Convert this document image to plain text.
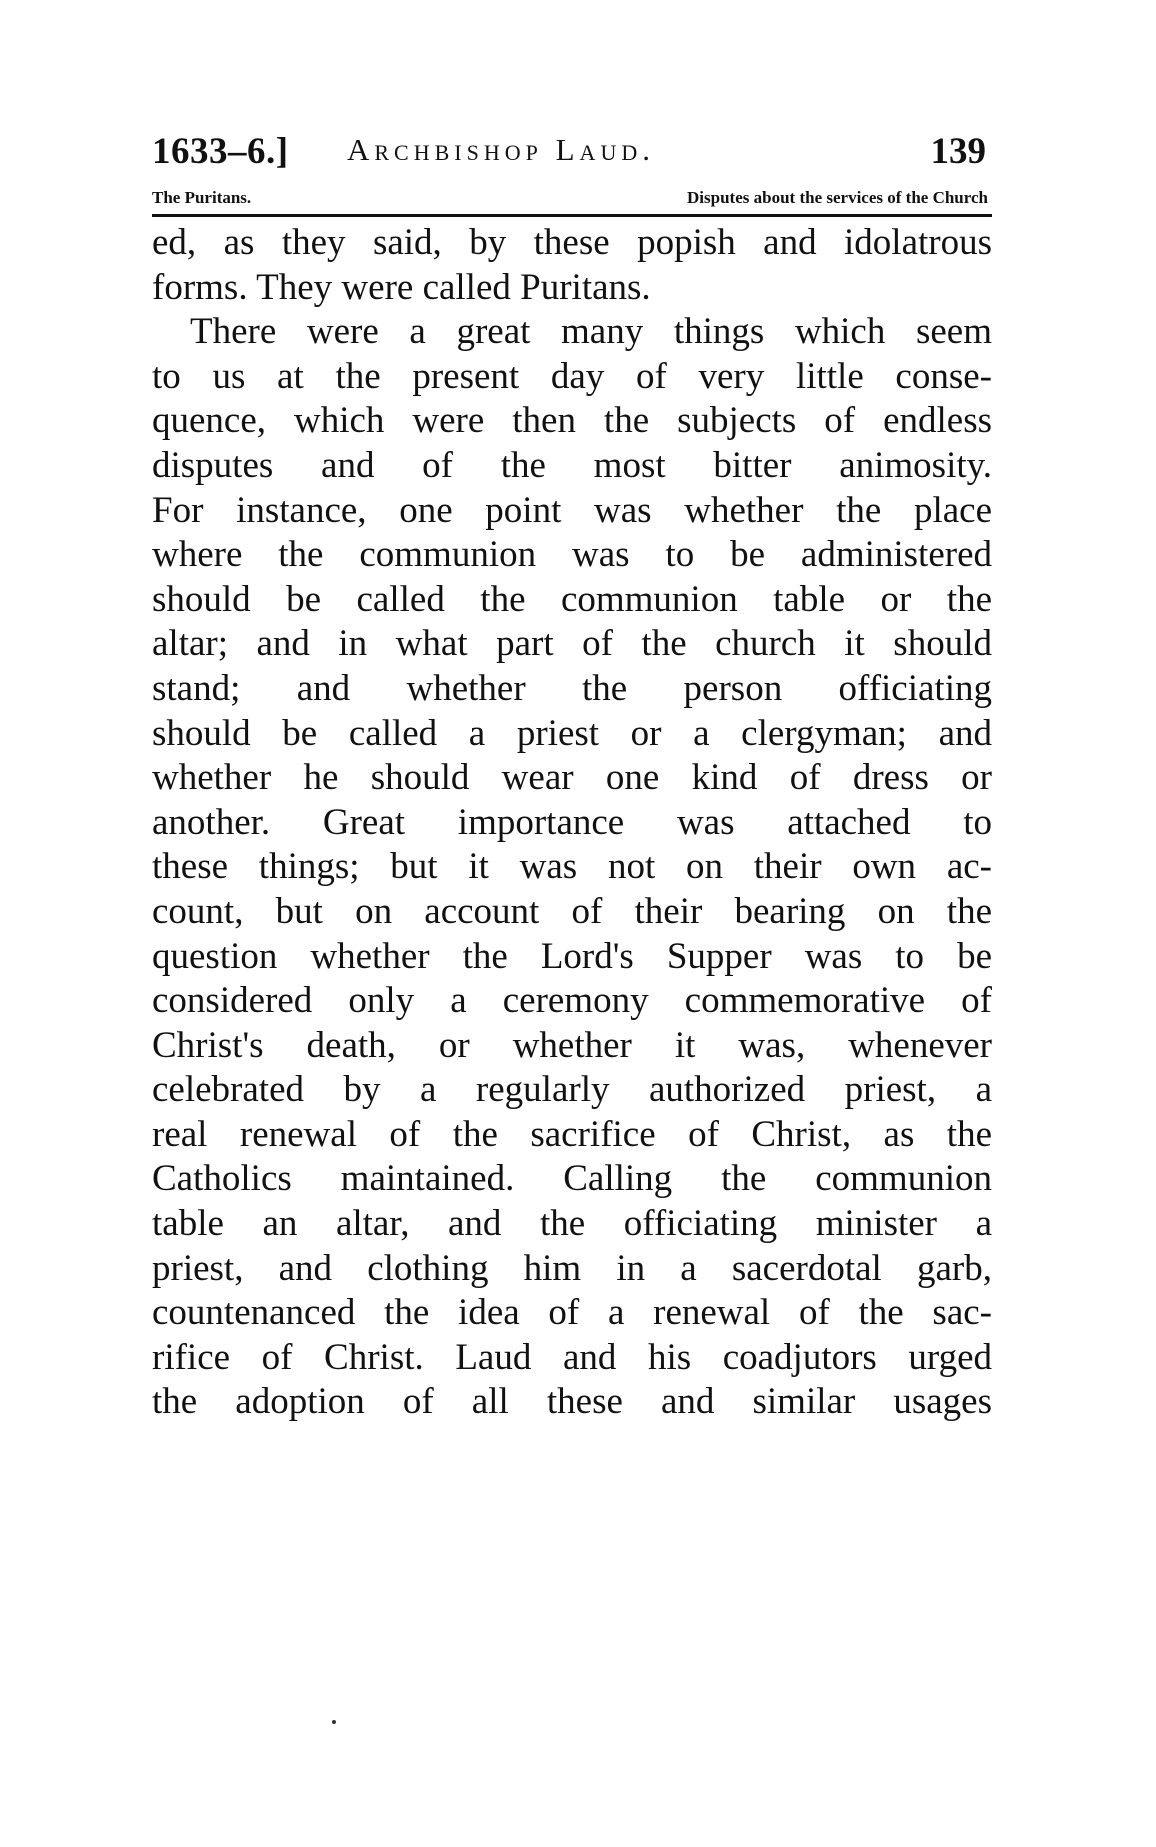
1633–6.] Archbishop Laud.	139
The Puritans.	Disputes about the services of the Church
ed, as they said, by these popish and idolatrous
forms. They were called Puritans.
There were a great many things which seem
to us at the present day of very little conse-
quence, which were then the subjects of endless
disputes and of the most bitter animosity.
For instance, one point was whether the place
where the communion was to be administered
should be called the communion table or the
altar; and in what part of the church it should
stand; and whether the person officiating
should be called a priest or a clergyman; and
whether he should wear one kind of dress or
another. Great importance was attached to
these things; but it was not on their own ac-
count, but on account of their bearing on the
question whether the Lord's Supper was to be
considered only a ceremony commemorative of
Christ's death, or whether it was, whenever
celebrated by a regularly authorized priest, a
real renewal of the sacrifice of Christ, as the
Catholics maintained. Calling the communion
table an altar, and the officiating minister a
priest, and clothing him in a sacerdotal garb,
countenanced the idea of a renewal of the sac-
rifice of Christ. Laud and his coadjutors urged
the adoption of all these and similar usages
